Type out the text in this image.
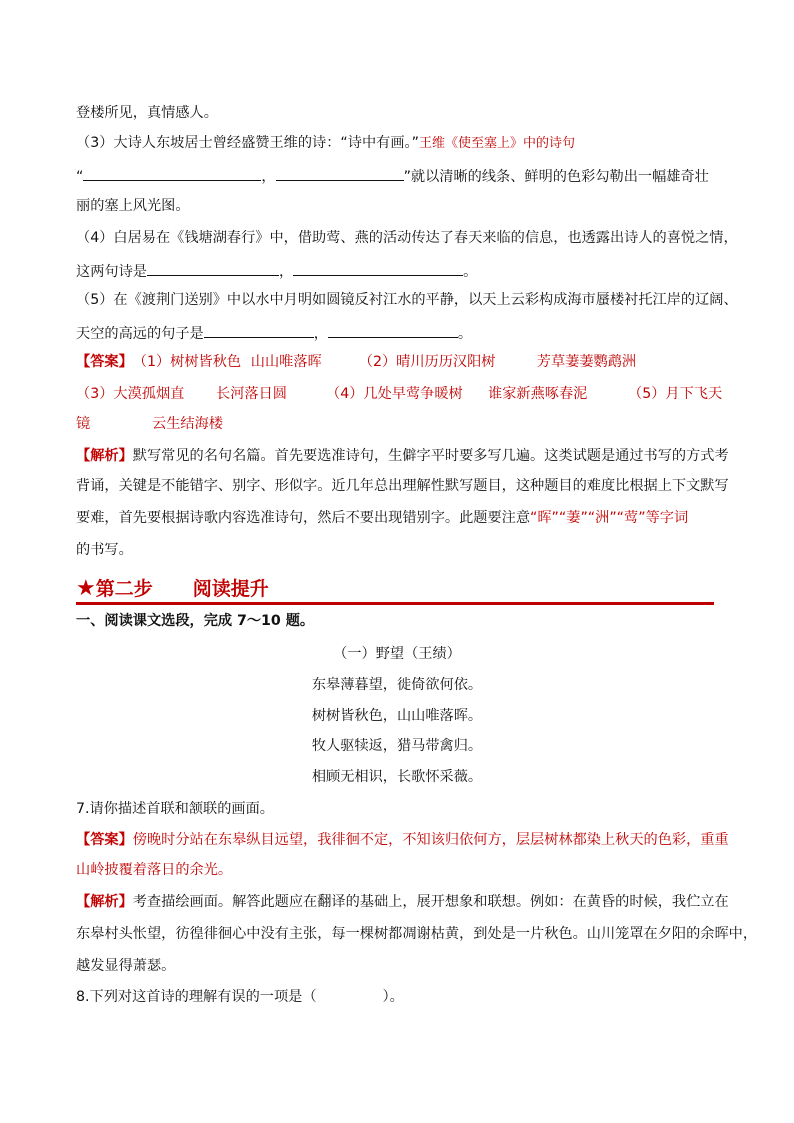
登楼所见，真情感人。
（3）大诗人东坡居士曾经盛赞王维的诗：“诗中有画。”王维《使至塞上》中的诗句
“	，	”就以清晰的线条、鲜明的色彩勾勒出一幅雄奇壮
丽的塞上风光图。
（4）白居易在《钱塘湖春行》中，借助莺、燕的活动传达了春天来临的信息，也透露出诗人的喜悦之情，
这两句诗是	，	。
（5）在《渡荆门送别》中以水中月明如圆镜反衬江水的平静，以天上云彩构成海市蜃楼衬托江岸的辽阔、
天空的高远的句子是	，	。
【答案】（1）树树皆秋色 山山唯落晖	（2）晴川历历汉阳树	芳草萋萋鹦鹉洲
（3）大漠孤烟直 长河落日圆	（4）几处早莺争暖树 谁家新燕啄春泥	（5）月下飞天
镜	云生结海楼
【解析】默写常见的名句名篇。首先要选准诗句，生僻字平时要多写几遍。这类试题是通过书写的方式考
背诵，关键是不能错字、别字、形似字。近几年总出理解性默写题目，这种题目的难度比根据上下文默写
要难，首先要根据诗歌内容选准诗句，然后不要出现错别字。此题要注意“晖”“萋”“洲”“莺”等字词
的书写。
★第二步 阅读提升
一、阅读课文选段，完成 7～10 题。
（一）野望（王绩）
东皋薄暮望，徙倚欲何依。
树树皆秋色，山山唯落晖。
牧人驱犊返，猎马带禽归。
相顾无相识，长歌怀采薇。
7.请你描述首联和颔联的画面。
【答案】傍晚时分站在东皋纵目远望，我徘徊不定，不知该归依何方，层层树林都染上秋天的色彩，重重
山岭披覆着落日的余光。
【解析】考查描绘画面。解答此题应在翻译的基础上，展开想象和联想。例如：在黄昏的时候，我伫立在
东皋村头怅望，彷徨徘徊心中没有主张，每一棵树都凋谢枯黄，到处是一片秋色。山川笼罩在夕阳的余晖中，
越发显得萧瑟。
8.下列对这首诗的理解有误的一项是（	）。
